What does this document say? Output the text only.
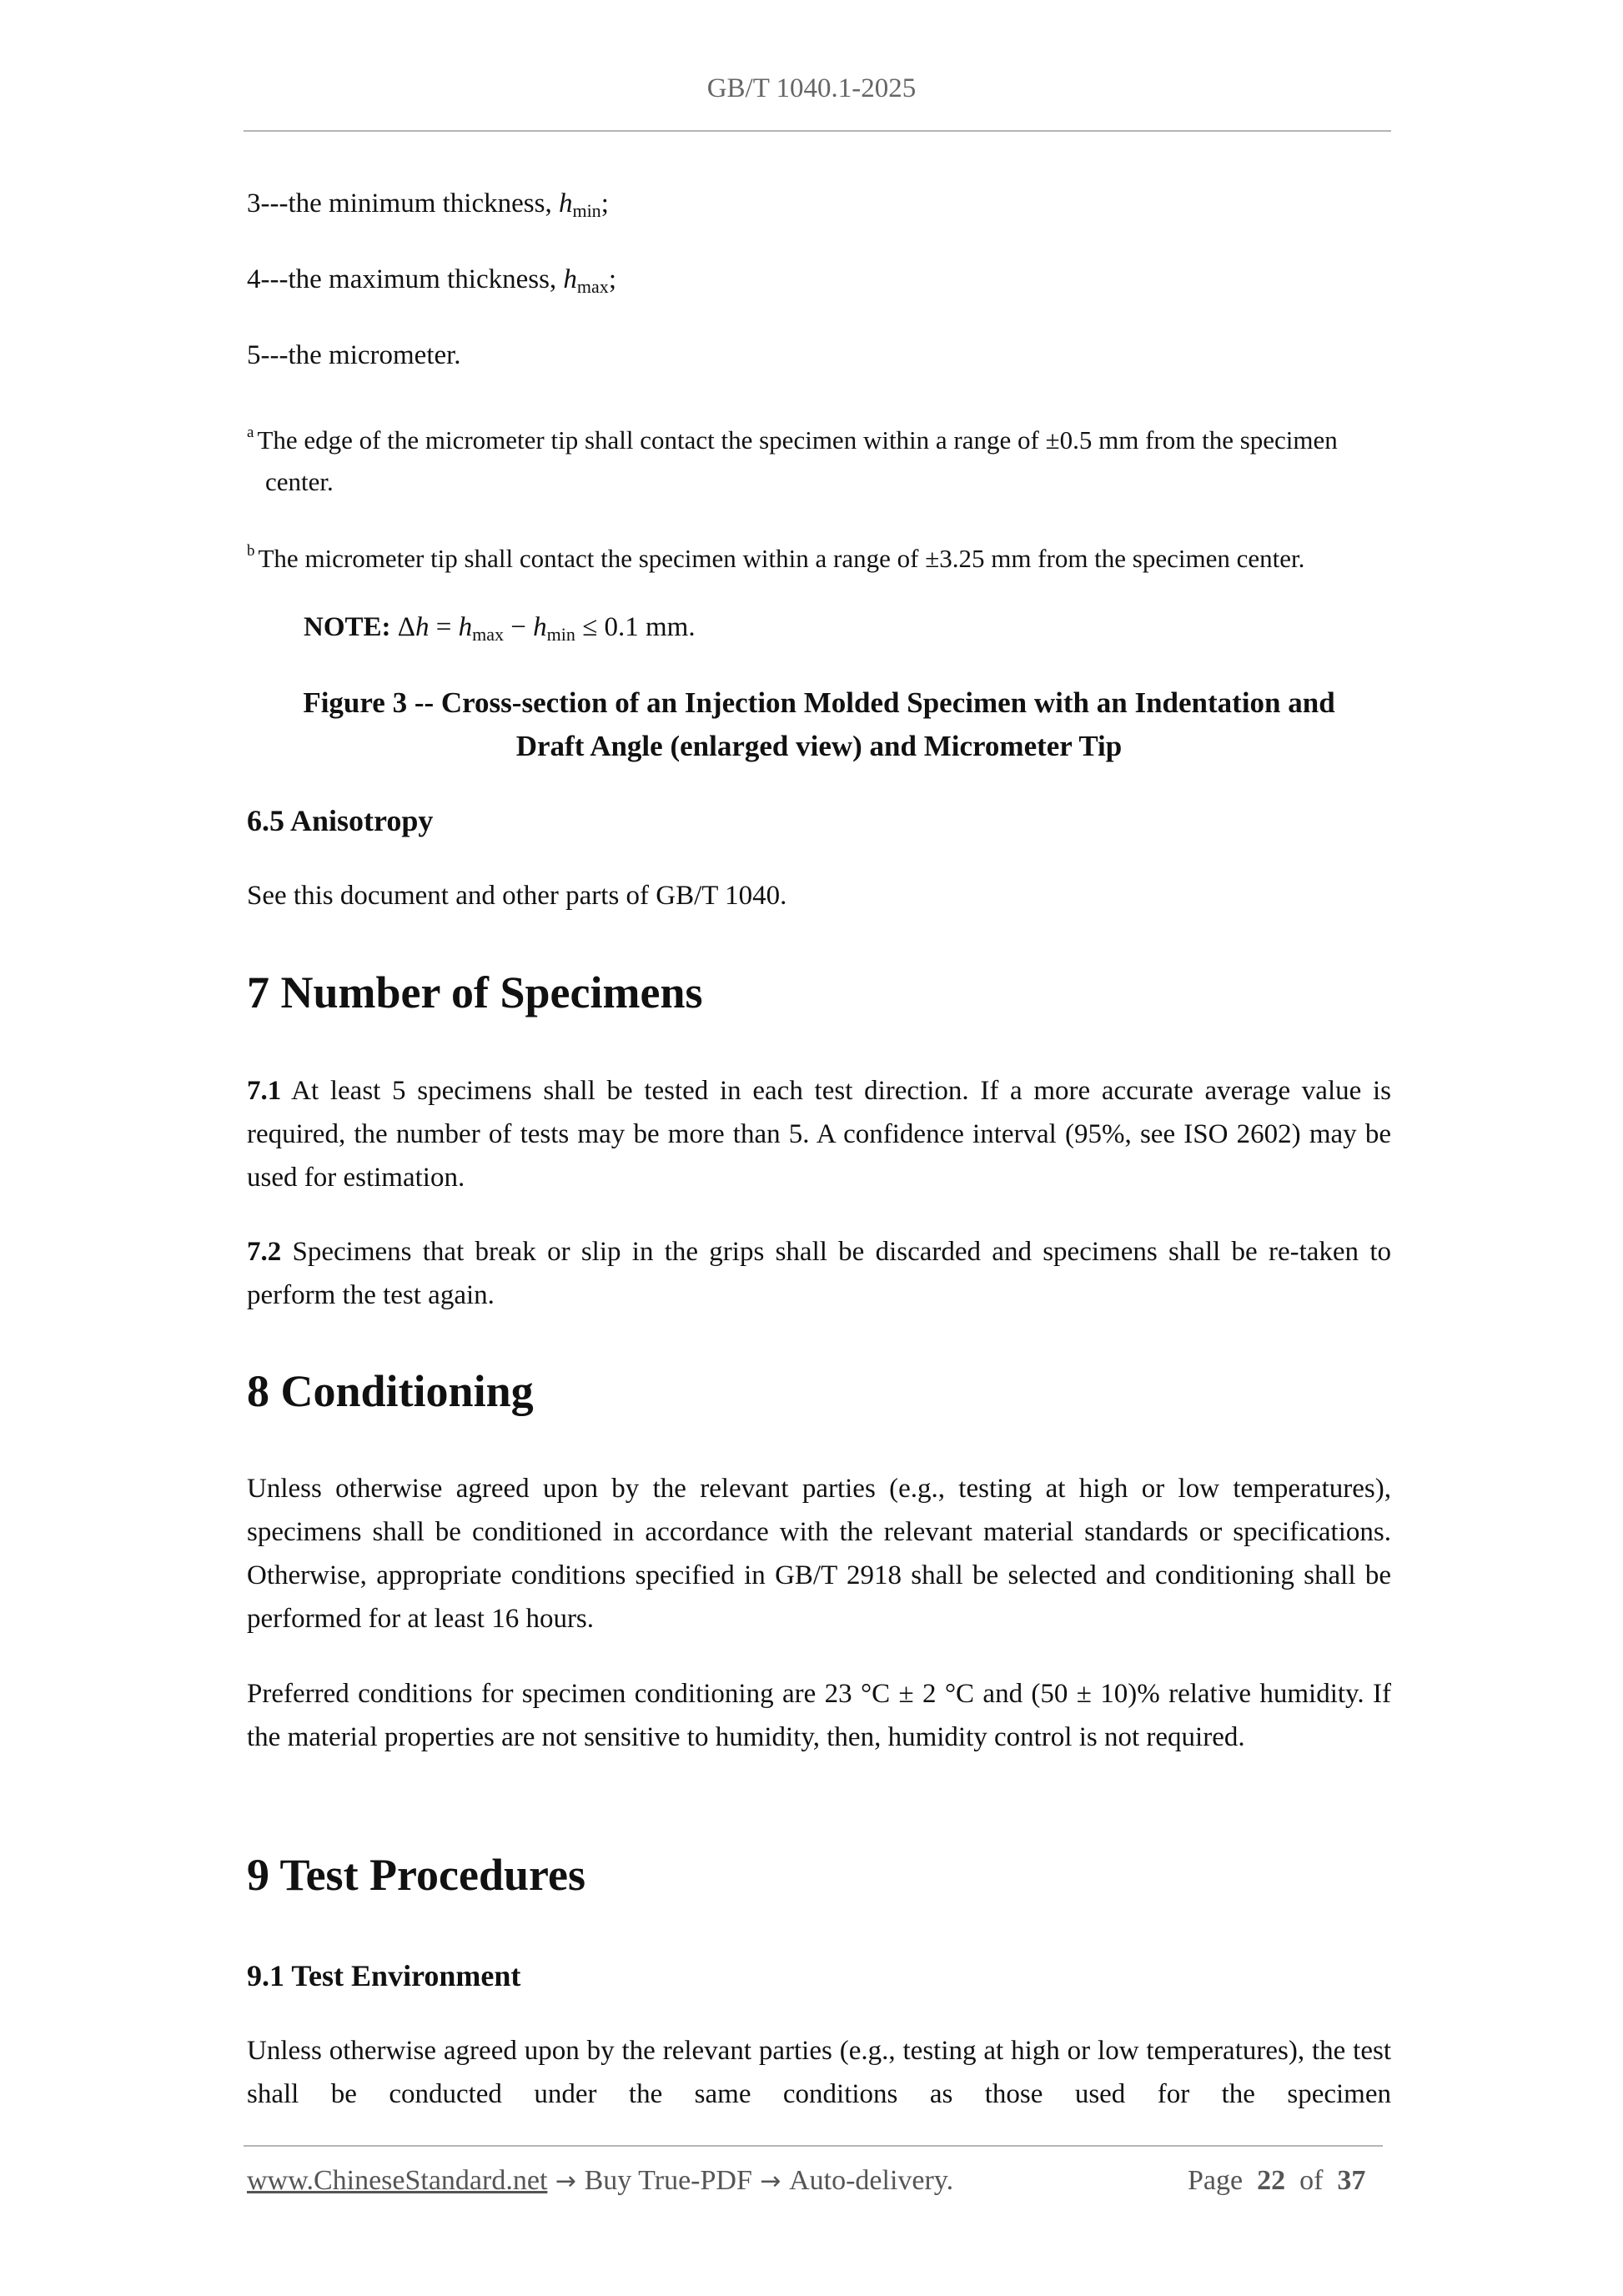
GB/T 1040.1-2025
3---the minimum thickness, $h_{min}$;
4---the maximum thickness, $h_{max}$;
5---the micrometer.
$^a$ The edge of the micrometer tip shall contact the specimen within a range of ±0.5 mm from the specimen
center.
$^b$ The micrometer tip shall contact the specimen within a range of ±3.25 mm from the specimen center.
NOTE: $\Delta h = h_{max} - h_{min} \le 0.1$ mm.
Figure 3 -- Cross-section of an Injection Molded Specimen with an Indentation and
Draft Angle (enlarged view) and Micrometer Tip
6.5 Anisotropy
See this document and other parts of GB/T 1040.
7 Number of Specimens
7.1 At least 5 specimens shall be tested in each test direction. If a more accurate average value is required, the number of tests may be more than 5. A confidence interval (95%, see ISO 2602) may be used for estimation.
7.2 Specimens that break or slip in the grips shall be discarded and specimens shall be re-taken to perform the test again.
8 Conditioning
Unless otherwise agreed upon by the relevant parties (e.g., testing at high or low temperatures), specimens shall be conditioned in accordance with the relevant material standards or specifications. Otherwise, appropriate conditions specified in GB/T 2918 shall be selected and conditioning shall be performed for at least 16 hours.
Preferred conditions for specimen conditioning are 23 °C ± 2 °C and (50 ± 10)% relative humidity. If the material properties are not sensitive to humidity, then, humidity control is not required.
9 Test Procedures
9.1 Test Environment
Unless otherwise agreed upon by the relevant parties (e.g., testing at high or low temperatures), the test shall be conducted under the same conditions as those used for the specimen
www.ChineseStandard.net → Buy True-PDF → Auto-delivery.	Page 22 of 37
